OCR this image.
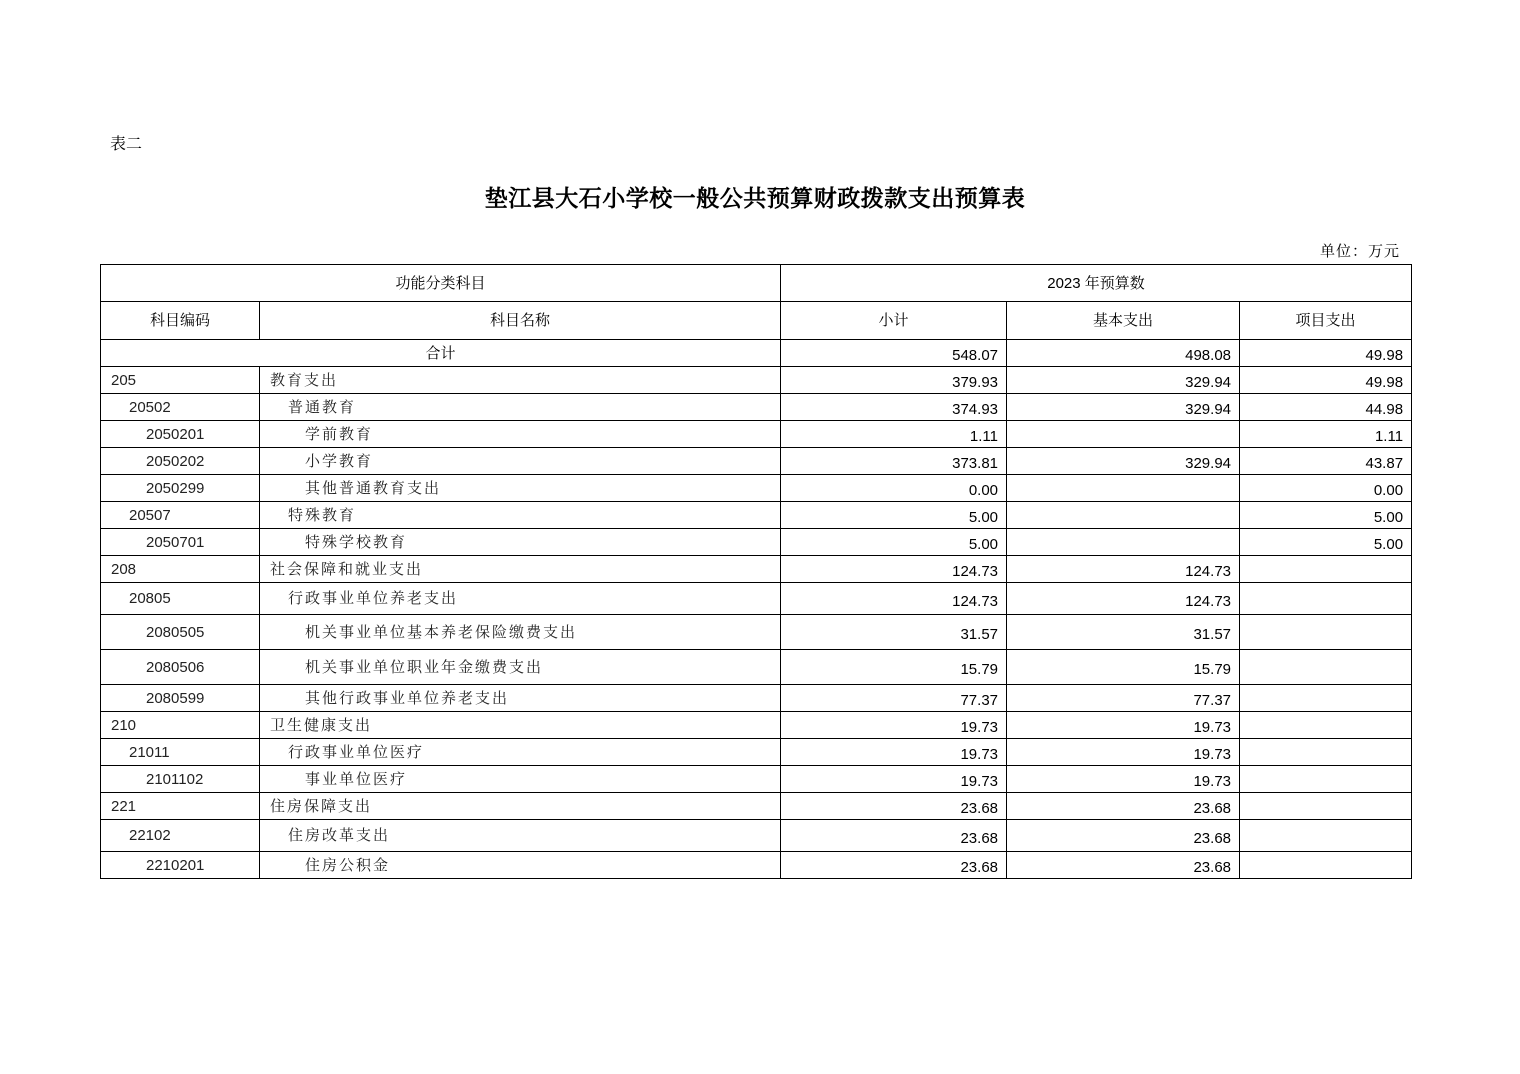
表二
垫江县大石小学校一般公共预算财政拨款支出预算表
单位：万元
功能分类科目		2023 年预算数		
科目编码	科目名称	小计	基本支出	项目支出
合计		548.07	498.08	49.98
205	教育支出	379.93	329.94	49.98
20502	普通教育	374.93	329.94	44.98
2050201	学前教育	1.11		1.11
2050202	小学教育	373.81	329.94	43.87
2050299	其他普通教育支出	0.00		0.00
20507	特殊教育	5.00		5.00
2050701	特殊学校教育	5.00		5.00
208	社会保障和就业支出	124.73	124.73	
20805	行政事业单位养老支出	124.73	124.73	
2080505	机关事业单位基本养老保险缴费支出	31.57	31.57	
2080506	机关事业单位职业年金缴费支出	15.79	15.79	
2080599	其他行政事业单位养老支出	77.37	77.37	
210	卫生健康支出	19.73	19.73	
21011	行政事业单位医疗	19.73	19.73	
2101102	事业单位医疗	19.73	19.73	
221	住房保障支出	23.68	23.68	
22102	住房改革支出	23.68	23.68	
2210201	住房公积金	23.68	23.68	
